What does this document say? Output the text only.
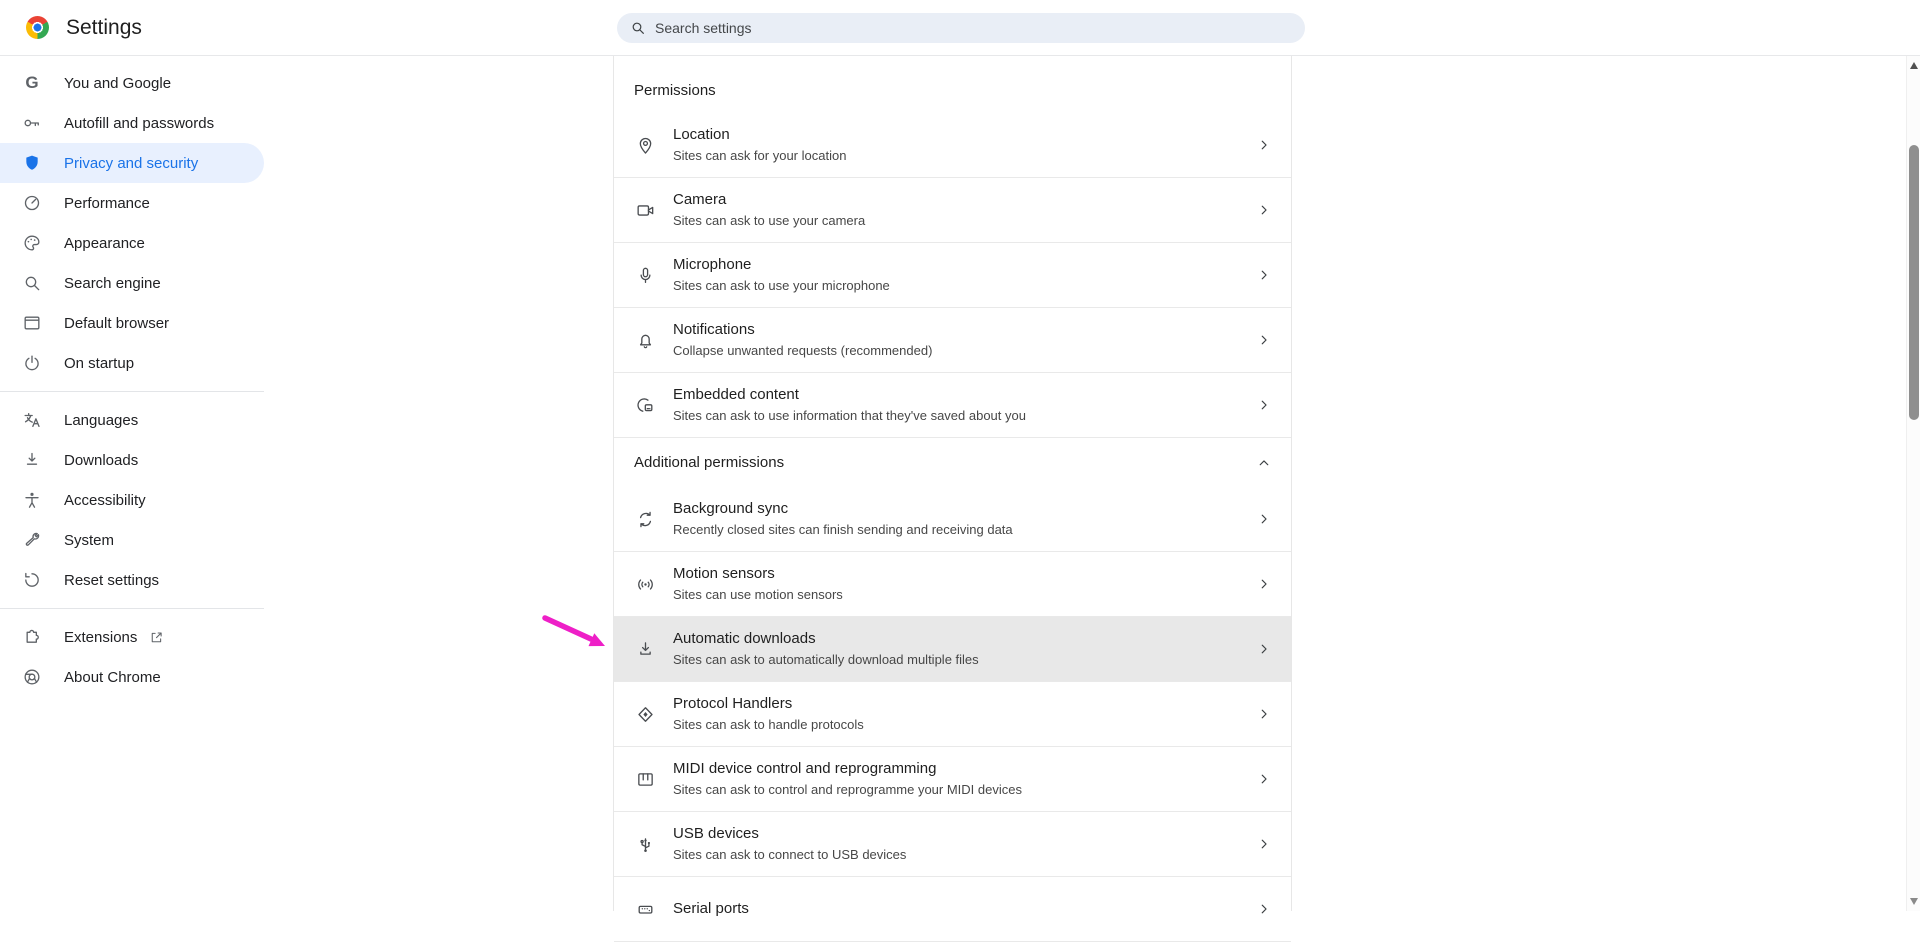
Settings
Search settings
G You and Google
Autofill and passwords
Privacy and security
Performance
Appearance
Search engine
Default browser
On startup
Languages
Downloads
Accessibility
System
Reset settings
Extensions
About Chrome
Permissions
Location
Sites can ask for your location
Camera
Sites can ask to use your camera
Microphone
Sites can ask to use your microphone
Notifications
Collapse unwanted requests (recommended)
Embedded content
Sites can ask to use information that they've saved about you
Additional permissions
Background sync
Recently closed sites can finish sending and receiving data
Motion sensors
Sites can use motion sensors
Automatic downloads
Sites can ask to automatically download multiple files
Protocol Handlers
Sites can ask to handle protocols
MIDI device control and reprogramming
Sites can ask to control and reprogramme your MIDI devices
USB devices
Sites can ask to connect to USB devices
Serial ports
